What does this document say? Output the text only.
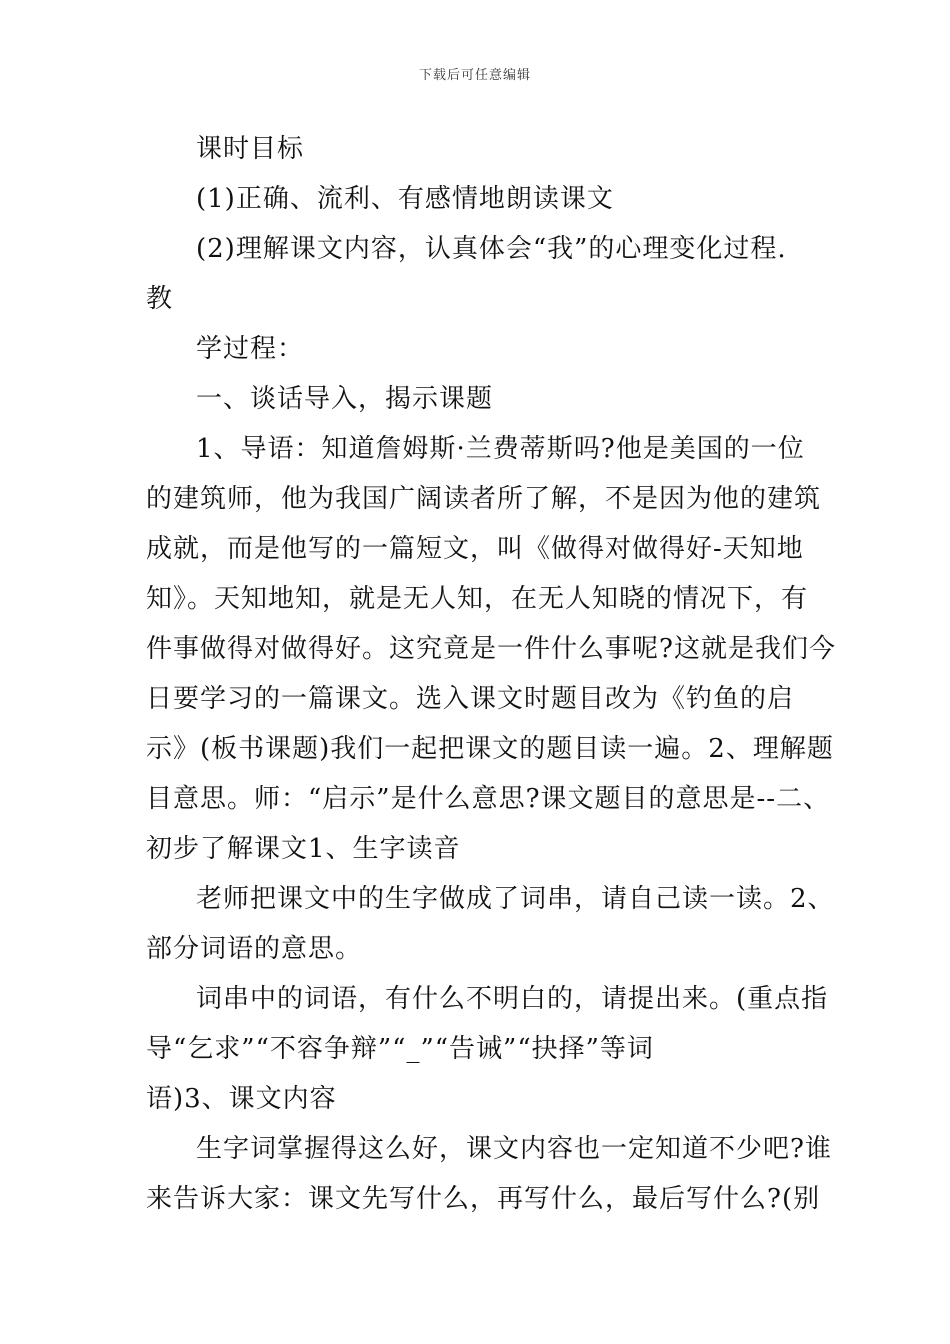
下载后可任意编辑
课时目标
(1)正确、流利、有感情地朗读课文
(2)理解课文内容，认真体会“我”的心理变化过程.
教
学过程：
一、谈话导入，揭示课题
1、导语：知道詹姆斯·兰费蒂斯吗?他是美国的一位
的建筑师，他为我国广阔读者所了解，不是因为他的建筑
成就，而是他写的一篇短文，叫《做得对做得好-天知地
知》。天知地知，就是无人知，在无人知晓的情况下，有
件事做得对做得好。这究竟是一件什么事呢?这就是我们今
日要学习的一篇课文。选入课文时题目改为《钓鱼的启
示》(板书课题)我们一起把课文的题目读一遍。2、理解题
目意思。师：“启示”是什么意思?课文题目的意思是--二、
初步了解课文1、生字读音
老师把课文中的生字做成了词串，请自己读一读。2、
部分词语的意思。
词串中的词语，有什么不明白的，请提出来。(重点指
导“乞求”“不容争辩”“_”“告诫”“抉择”等词
语)3、课文内容
生字词掌握得这么好，课文内容也一定知道不少吧?谁
来告诉大家：课文先写什么，再写什么，最后写什么?(别
